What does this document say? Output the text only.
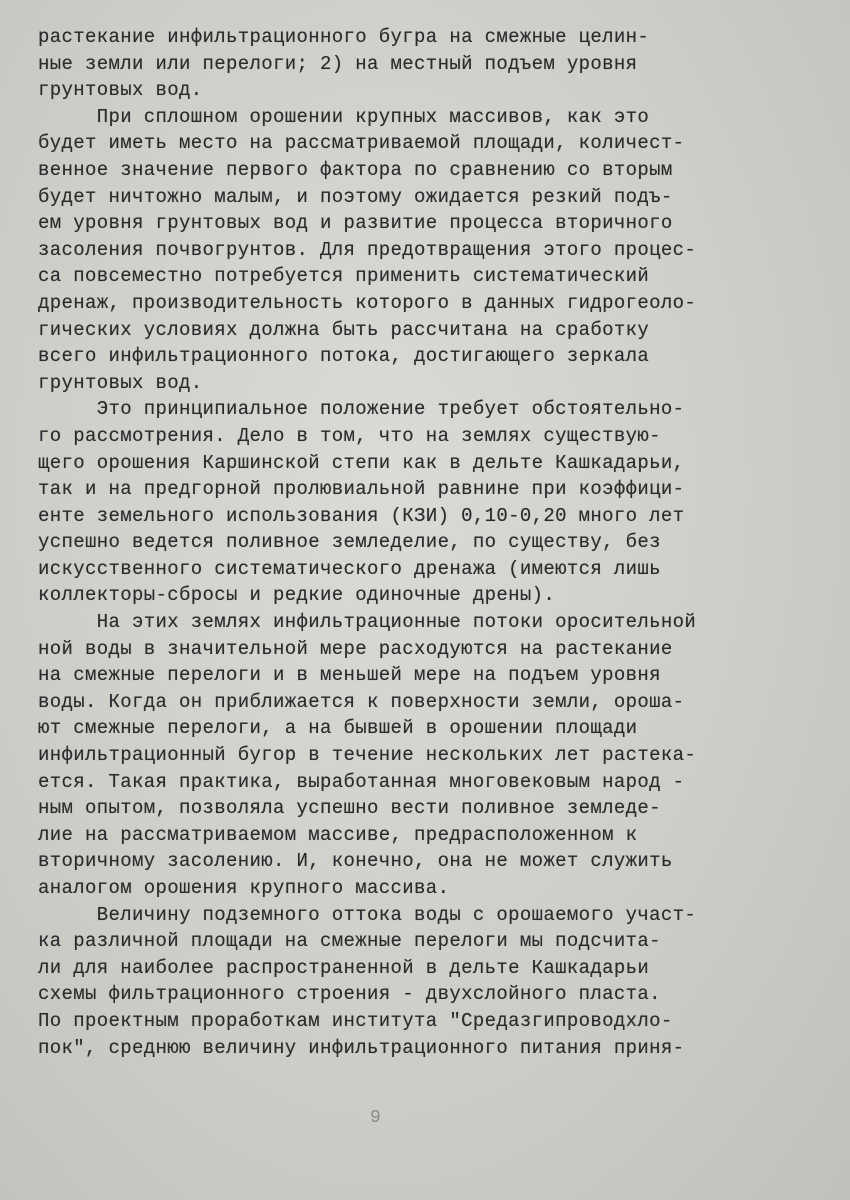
растекание инфильтрационного бугра на смежные целин-
ные земли или перелоги; 2) на местный подъем уровня
грунтовых вод.
При сплошном орошении крупных массивов, как это
будет иметь место на рассматриваемой площади, количест-
венное значение первого фактора по сравнению со вторым
будет ничтожно малым, и поэтому ожидается резкий подъ-
ем уровня грунтовых вод и развитие процесса вторичного
засоления почвогрунтов. Для предотвращения этого процес-
са повсеместно потребуется применить систематический
дренаж, производительность которого в данных гидрогеоло-
гических условиях должна быть рассчитана на сработку
всего инфильтрационного потока, достигающего зеркала
грунтовых вод.
Это принципиальное положение требует обстоятельно-
го рассмотрения. Дело в том, что на землях существую-
щего орошения Каршинской степи как в дельте Кашкадарьи,
так и на предгорной пролювиальной равнине при коэффици-
енте земельного использования (КЗИ) 0,10-0,20 много лет
успешно ведется поливное земледелие, по существу, без
искусственного систематического дренажа (имеются лишь
коллекторы-сбросы и редкие одиночные дрены).
На этих землях инфильтрационные потоки оросительной
ной воды в значительной мере расходуются на растекание
на смежные перелоги и в меньшей мере на подъем уровня
воды. Когда он приближается к поверхности земли, ороша-
ют смежные перелоги, а на бывшей в орошении площади
инфильтрационный бугор в течение нескольких лет растека-
ется. Такая практика, выработанная многовековым народ -
ным опытом, позволяла успешно вести поливное земледе-
лие на рассматриваемом массиве, предрасположенном к
вторичному засолению. И, конечно, она не может служить
аналогом орошения крупного массива.
Величину подземного оттока воды с орошаемого участ-
ка различной площади на смежные перелоги мы подсчита-
ли для наиболее распространенной в дельте Кашкадарьи
схемы фильтрационного строения - двухслойного пласта.
По проектным проработкам института "Средазгипроводхло-
пок", среднюю величину инфильтрационного питания приня-
9
